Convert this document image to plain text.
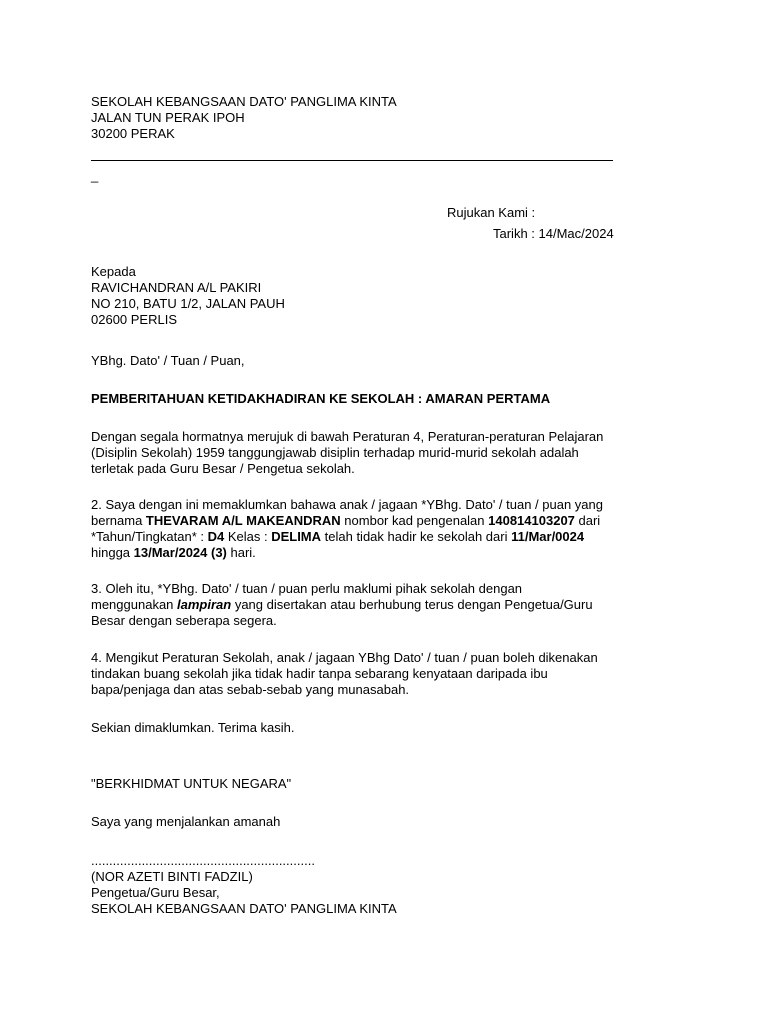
SEKOLAH KEBANGSAAN DATO' PANGLIMA KINTA
JALAN TUN PERAK IPOH
30200 PERAK
_
Rujukan Kami :
Tarikh : 14/Mac/2024
Kepada
RAVICHANDRAN A/L PAKIRI
NO 210, BATU 1/2, JALAN PAUH
02600 PERLIS
YBhg. Dato' / Tuan / Puan,
PEMBERITAHUAN KETIDAKHADIRAN KE SEKOLAH : AMARAN PERTAMA
Dengan segala hormatnya merujuk di bawah Peraturan 4, Peraturan-peraturan Pelajaran
(Disiplin Sekolah) 1959 tanggungjawab disiplin terhadap murid-murid sekolah adalah
terletak pada Guru Besar / Pengetua sekolah.
2. Saya dengan ini memaklumkan bahawa anak / jagaan *YBhg. Dato' / tuan / puan yang
bernama THEVARAM A/L MAKEANDRAN nombor kad pengenalan 140814103207 dari
*Tahun/Tingkatan* : D4 Kelas : DELIMA telah tidak hadir ke sekolah dari 11/Mar/0024
hingga 13/Mar/2024 (3) hari.
3. Oleh itu, *YBhg. Dato' / tuan / puan perlu maklumi pihak sekolah dengan
menggunakan lampiran yang disertakan atau berhubung terus dengan Pengetua/Guru
Besar dengan seberapa segera.
4. Mengikut Peraturan Sekolah, anak / jagaan YBhg Dato' / tuan / puan boleh dikenakan
tindakan buang sekolah jika tidak hadir tanpa sebarang kenyataan daripada ibu
bapa/penjaga dan atas sebab-sebab yang munasabah.
Sekian dimaklumkan. Terima kasih.
"BERKHIDMAT UNTUK NEGARA"
Saya yang menjalankan amanah
..............................................................
(NOR AZETI BINTI FADZIL)
Pengetua/Guru Besar,
SEKOLAH KEBANGSAAN DATO' PANGLIMA KINTA
